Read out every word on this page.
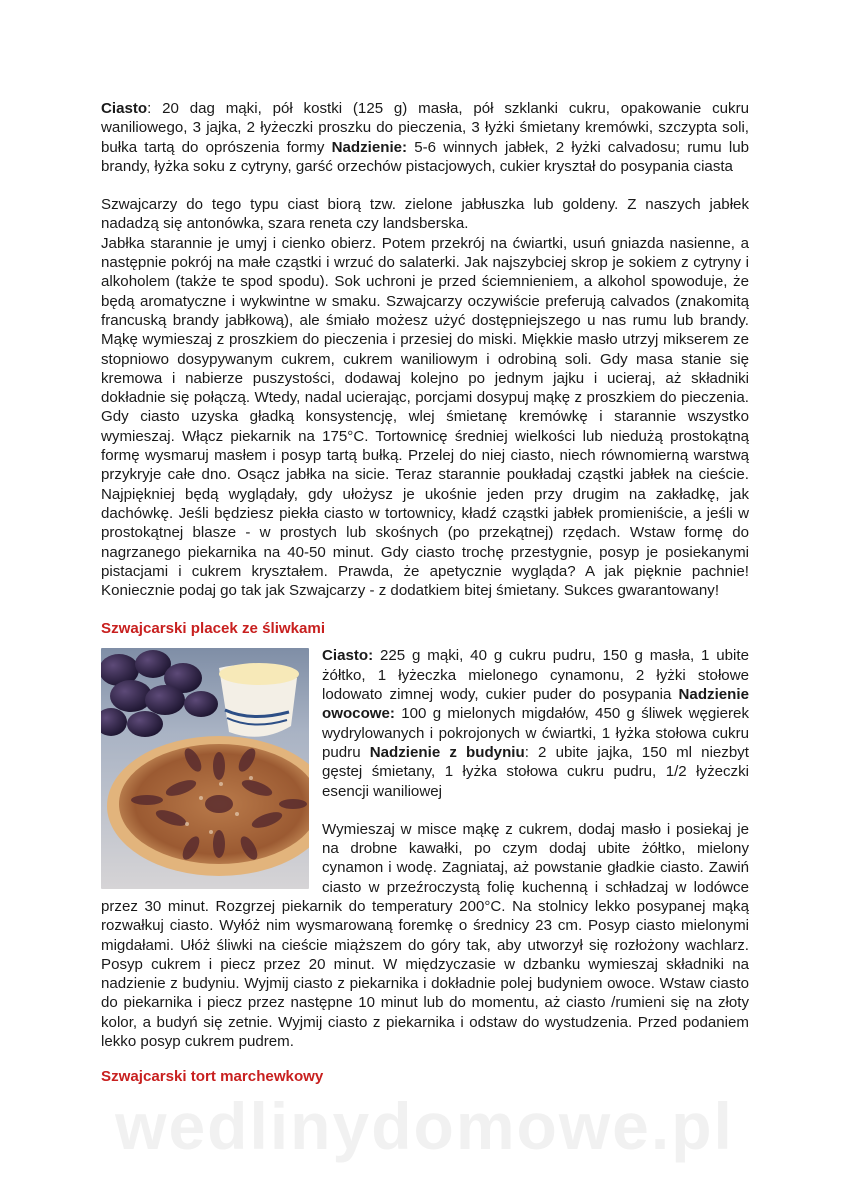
Ciasto: 20 dag mąki, pół kostki (125 g) masła, pół szklanki cukru, opakowanie cukru waniliowego, 3 jajka, 2 łyżeczki proszku do pieczenia, 3 łyżki śmietany kremówki, szczypta soli, bułka tartą do oprószenia formy Nadzienie: 5-6 winnych jabłek, 2 łyżki calvadosu; rumu lub brandy, łyżka soku z cytryny, garść orzechów pistacjowych, cukier kryształ do posypania ciasta

Szwajcarzy do tego typu ciast biorą tzw. zielone jabłuszka lub goldeny. Z naszych jabłek nadadzą się antonówka, szara reneta czy landsberska.

Jabłka starannie je umyj i cienko obierz. Potem przekrój na ćwiartki, usuń gniazda nasienne, a następnie pokrój na małe cząstki i wrzuć do salaterki. Jak najszybciej skrop je sokiem z cytryny i alkoholem (także te spod spodu). Sok uchroni je przed ściemnieniem, a alkohol spowoduje, że będą aromatyczne i wykwintne w smaku. Szwajcarzy oczywiście preferują calvados (znakomitą francuską brandy jabłkową), ale śmiało możesz użyć dostępniejszego u nas rumu lub brandy. Mąkę wymieszaj z proszkiem do pieczenia i przesiej do miski. Miękkie masło utrzyj mikserem ze stopniowo dosypywanym cukrem, cukrem waniliowym i odrobiną soli. Gdy masa stanie się kremowa i nabierze puszystości, dodawaj kolejno po jednym jajku i ucieraj, aż składniki dokładnie się połączą. Wtedy, nadal ucierając, porcjami dosypuj mąkę z proszkiem do pieczenia. Gdy ciasto uzyska gładką konsystencję, wlej śmietanę kremówkę i starannie wszystko wymieszaj. Włącz piekarnik na 175°C. Tortownicę średniej wielkości lub niedużą prostokątną formę wysmaruj masłem i posyp tartą bułką. Przelej do niej ciasto, niech równomierną warstwą przykryje całe dno. Osącz jabłka na sicie. Teraz starannie poukładaj cząstki jabłek na cieście. Najpiękniej będą wyglądały, gdy ułożysz je ukośnie jeden przy drugim na zakładkę, jak dachówkę. Jeśli będziesz piekła ciasto w tortownicy, kładź cząstki jabłek promieniście, a jeśli w prostokątnej blasze - w prostych lub skośnych (po przekątnej) rzędach. Wstaw formę do nagrzanego piekarnika na 40-50 minut. Gdy ciasto trochę przestygnie, posyp je posiekanymi pistacjami i cukrem kryształem. Prawda, że apetycznie wygląda? A jak pięknie pachnie! Koniecznie podaj go tak jak Szwajcarzy - z dodatkiem bitej śmietany. Sukces gwarantowany!

Szwajcarski placek ze śliwkami

Ciasto: 225 g mąki, 40 g cukru pudru, 150 g masła, 1 ubite żółtko, 1 łyżeczka mielonego cynamonu, 2 łyżki stołowe lodowato zimnej wody, cukier puder do posypania Nadzienie owocowe: 100 g mielonych migdałów, 450 g śliwek węgierek wydrylowanych i pokrojonych w ćwiartki, 1 łyżka stołowa cukru pudru Nadzienie z budyniu: 2 ubite jajka, 150 ml niezbyt gęstej śmietany, 1 łyżka stołowa cukru pudru, 1/2 łyżeczki esencji waniliowej

Wymieszaj w misce mąkę z cukrem, dodaj masło i posiekaj je na drobne kawałki, po czym dodaj ubite żółtko, mielony cynamon i wodę. Zagniataj, aż powstanie gładkie ciasto. Zawiń ciasto w przeźroczystą folię kuchenną i schładzaj w lodówce przez 30 minut. Rozgrzej piekarnik do temperatury 200°C. Na stolnicy lekko posypanej mąką rozwałkuj ciasto. Wyłóż nim wysmarowaną foremkę o średnicy 23 cm. Posyp ciasto mielonymi migdałami. Ułóż śliwki na cieście miąższem do góry tak, aby utworzył się rozłożony wachlarz. Posyp cukrem i piecz przez 20 minut. W międzyczasie w dzbanku wymieszaj składniki na nadzienie z budyniu. Wyjmij ciasto z piekarnika i dokładnie polej budyniem owoce. Wstaw ciasto do piekarnika i piecz przez następne 10 minut lub do momentu, aż ciasto /rumieni się na złoty kolor, a budyń się zetnie. Wyjmij ciasto z piekarnika i odstaw do wystudzenia. Przed podaniem lekko posyp cukrem pudrem.

Szwajcarski tort marchewkowy
wedlinydomowe.pl
